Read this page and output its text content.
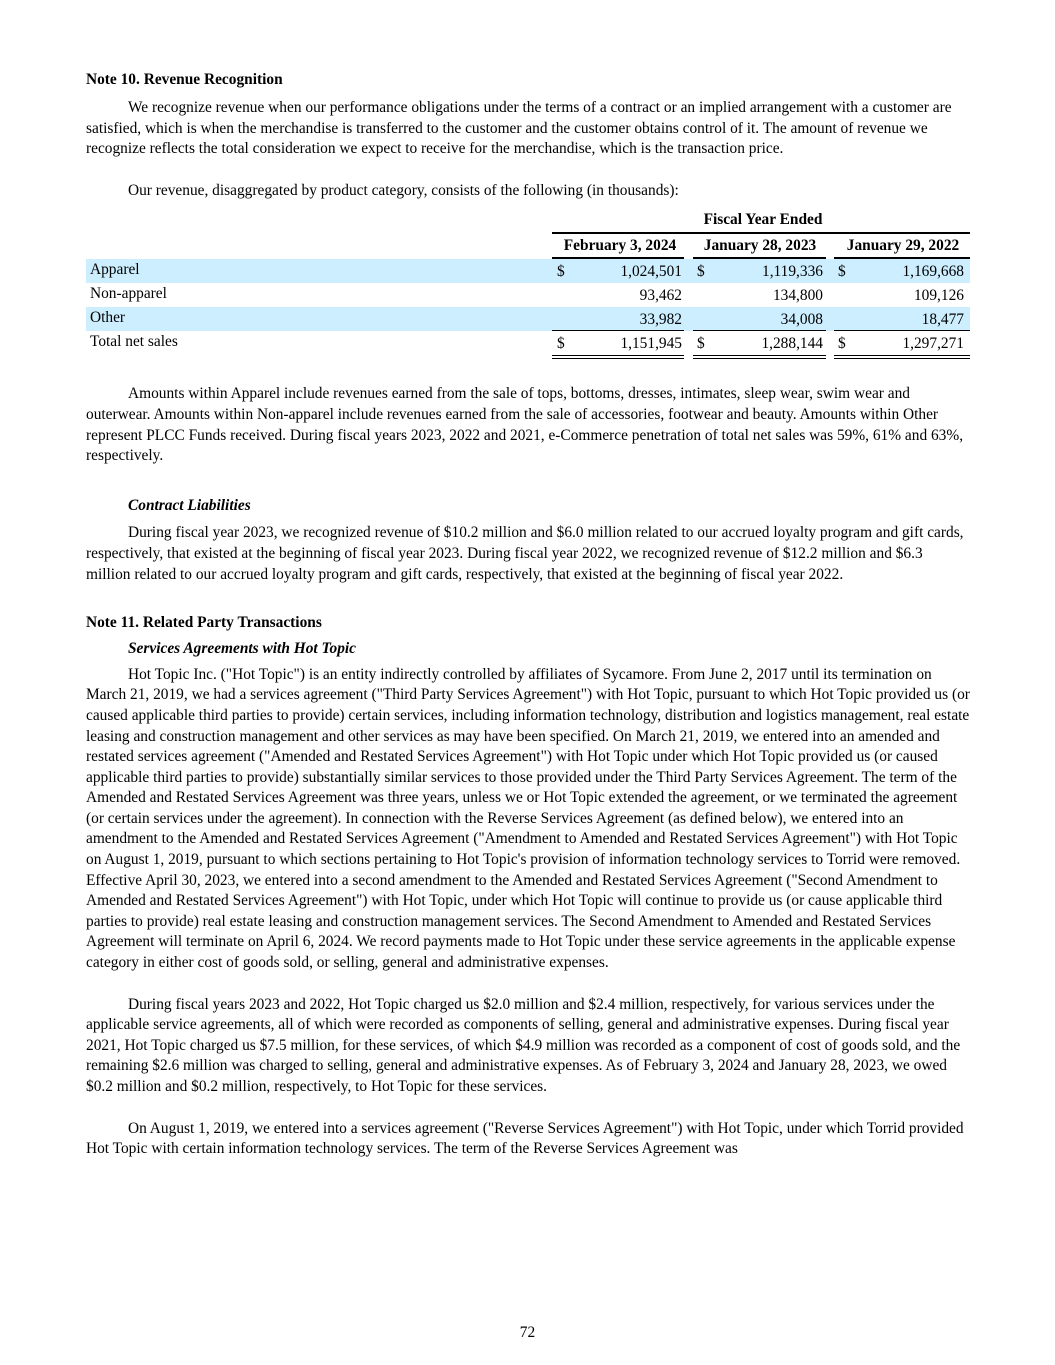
Note 10. Revenue Recognition

We recognize revenue when our performance obligations under the terms of a contract or an implied arrangement with a customer are satisfied, which is when the merchandise is transferred to the customer and the customer obtains control of it. The amount of revenue we recognize reflects the total consideration we expect to receive for the merchandise, which is the transaction price.

Our revenue, disaggregated by product category, consists of the following (in thousands):

Fiscal Year Ended
February 3, 2024	January 28, 2023	January 29, 2022
Apparel	$	1,024,501 $	1,119,336 $	1,169,668
Non-apparel	93,462	134,800	109,126
Other	33,982	34,008	18,477
Total net sales	$	1,151,945 $	1,288,144 $	1,297,271

Amounts within Apparel include revenues earned from the sale of tops, bottoms, dresses, intimates, sleep wear, swim wear and outerwear. Amounts within Non-apparel include revenues earned from the sale of accessories, footwear and beauty. Amounts within Other represent PLCC Funds received. During fiscal years 2023, 2022 and 2021, e-Commerce penetration of total net sales was 59%, 61% and 63%, respectively.

Contract Liabilities

During fiscal year 2023, we recognized revenue of $10.2 million and $6.0 million related to our accrued loyalty program and gift cards, respectively, that existed at the beginning of fiscal year 2023. During fiscal year 2022, we recognized revenue of $12.2 million and $6.3 million related to our accrued loyalty program and gift cards, respectively, that existed at the beginning of fiscal year 2022.

Note 11. Related Party Transactions

Services Agreements with Hot Topic

Hot Topic Inc. ("Hot Topic") is an entity indirectly controlled by affiliates of Sycamore. From June 2, 2017 until its termination on March 21, 2019, we had a services agreement ("Third Party Services Agreement") with Hot Topic, pursuant to which Hot Topic provided us (or caused applicable third parties to provide) certain services, including information technology, distribution and logistics management, real estate leasing and construction management and other services as may have been specified. On March 21, 2019, we entered into an amended and restated services agreement ("Amended and Restated Services Agreement") with Hot Topic under which Hot Topic provided us (or caused applicable third parties to provide) substantially similar services to those provided under the Third Party Services Agreement. The term of the Amended and Restated Services Agreement was three years, unless we or Hot Topic extended the agreement, or we terminated the agreement (or certain services under the agreement). In connection with the Reverse Services Agreement (as defined below), we entered into an amendment to the Amended and Restated Services Agreement ("Amendment to Amended and Restated Services Agreement") with Hot Topic on August 1, 2019, pursuant to which sections pertaining to Hot Topic's provision of information technology services to Torrid were removed. Effective April 30, 2023, we entered into a second amendment to the Amended and Restated Services Agreement ("Second Amendment to Amended and Restated Services Agreement") with Hot Topic, under which Hot Topic will continue to provide us (or cause applicable third parties to provide) real estate leasing and construction management services. The Second Amendment to Amended and Restated Services Agreement will terminate on April 6, 2024. We record payments made to Hot Topic under these service agreements in the applicable expense category in either cost of goods sold, or selling, general and administrative expenses.

During fiscal years 2023 and 2022, Hot Topic charged us $2.0 million and $2.4 million, respectively, for various services under the applicable service agreements, all of which were recorded as components of selling, general and administrative expenses. During fiscal year 2021, Hot Topic charged us $7.5 million, for these services, of which $4.9 million was recorded as a component of cost of goods sold, and the remaining $2.6 million was charged to selling, general and administrative expenses. As of February 3, 2024 and January 28, 2023, we owed $0.2 million and $0.2 million, respectively, to Hot Topic for these services.

On August 1, 2019, we entered into a services agreement ("Reverse Services Agreement") with Hot Topic, under which Torrid provided Hot Topic with certain information technology services. The term of the Reverse Services Agreement was

72
